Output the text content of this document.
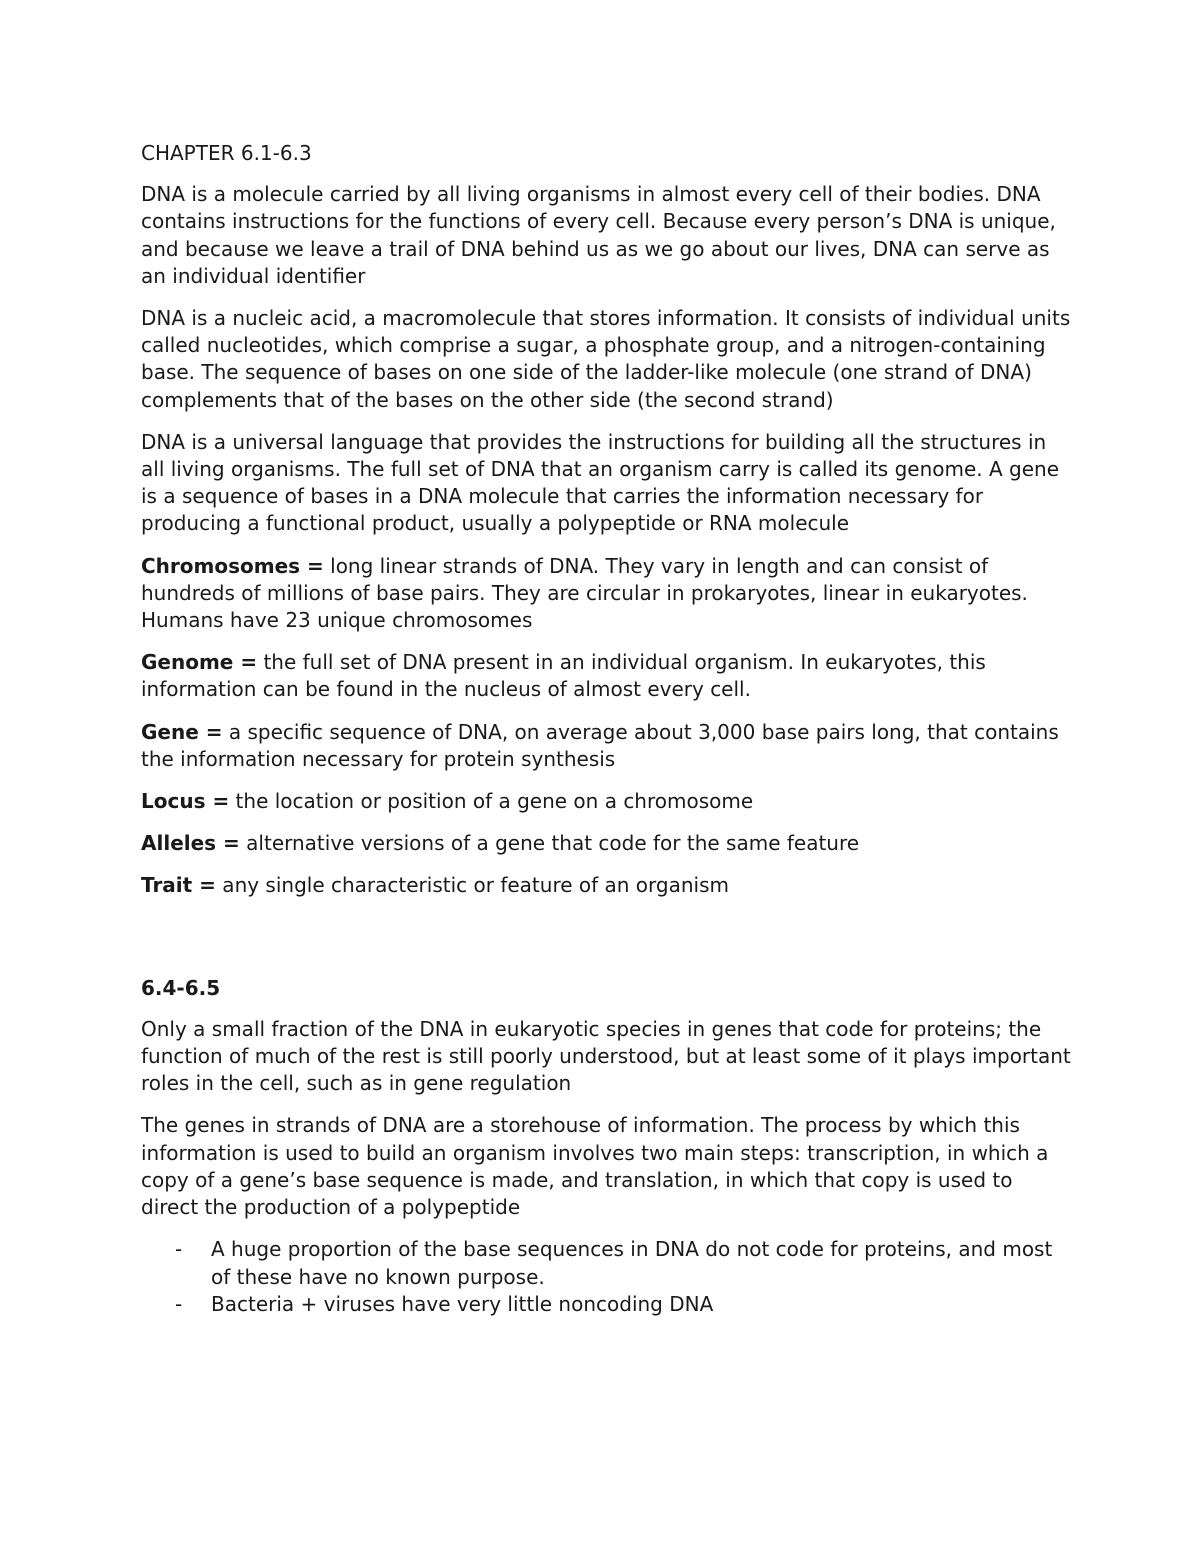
CHAPTER 6.1-6.3

DNA is a molecule carried by all living organisms in almost every cell of their bodies. DNA contains instructions for the functions of every cell. Because every person’s DNA is unique, and because we leave a trail of DNA behind us as we go about our lives, DNA can serve as an individual identifier

DNA is a nucleic acid, a macromolecule that stores information. It consists of individual units called nucleotides, which comprise a sugar, a phosphate group, and a nitrogen-containing base. The sequence of bases on one side of the ladder-like molecule (one strand of DNA) complements that of the bases on the other side (the second strand)

DNA is a universal language that provides the instructions for building all the structures in all living organisms. The full set of DNA that an organism carry is called its genome. A gene is a sequence of bases in a DNA molecule that carries the information necessary for producing a functional product, usually a polypeptide or RNA molecule

Chromosomes = long linear strands of DNA. They vary in length and can consist of hundreds of millions of base pairs. They are circular in prokaryotes, linear in eukaryotes. Humans have 23 unique chromosomes

Genome = the full set of DNA present in an individual organism. In eukaryotes, this information can be found in the nucleus of almost every cell.

Gene = a specific sequence of DNA, on average about 3,000 base pairs long, that contains the information necessary for protein synthesis

Locus = the location or position of a gene on a chromosome

Alleles = alternative versions of a gene that code for the same feature

Trait = any single characteristic or feature of an organism

6.4-6.5

Only a small fraction of the DNA in eukaryotic species in genes that code for proteins; the function of much of the rest is still poorly understood, but at least some of it plays important roles in the cell, such as in gene regulation

The genes in strands of DNA are a storehouse of information. The process by which this information is used to build an organism involves two main steps: transcription, in which a copy of a gene’s base sequence is made, and translation, in which that copy is used to direct the production of a polypeptide

- A huge proportion of the base sequences in DNA do not code for proteins, and most of these have no known purpose.
- Bacteria + viruses have very little noncoding DNA
